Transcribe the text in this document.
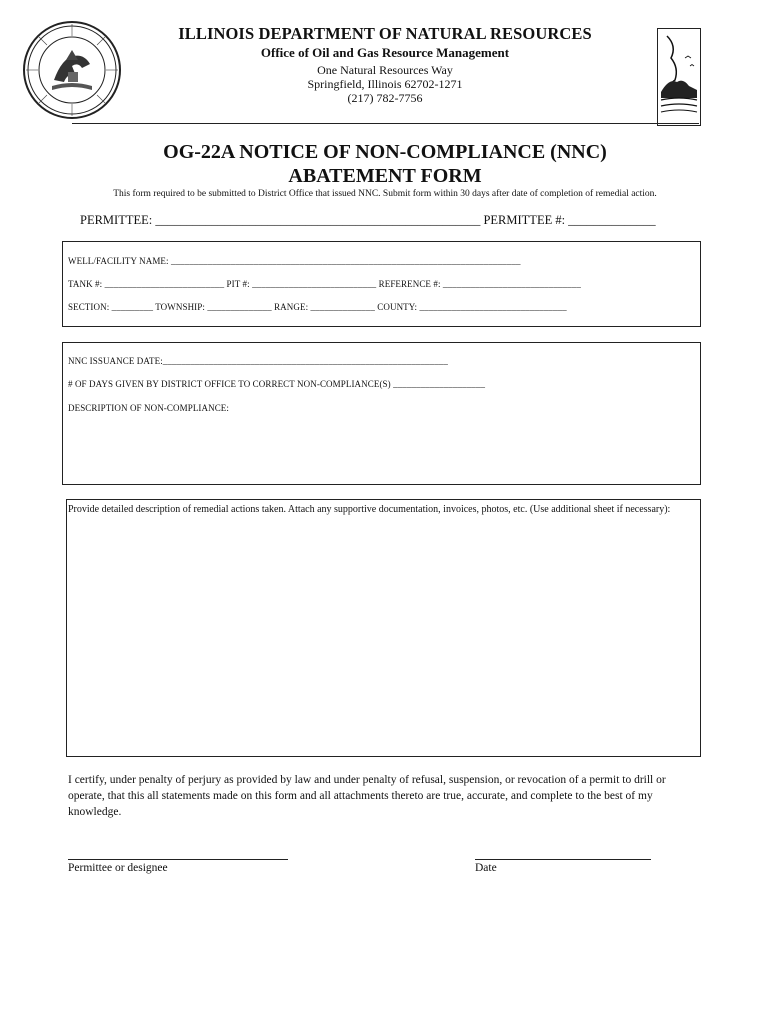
ILLINOIS DEPARTMENT OF NATURAL RESOURCES
Office of Oil and Gas Resource Management
One Natural Resources Way
Springfield, Illinois 62702-1271
(217) 782-7756
OG-22A NOTICE OF NON-COMPLIANCE (NNC)
ABATEMENT FORM
This form required to be submitted to District Office that issued NNC. Submit form within 30 days after date of completion of remedial action.
PERMITTEE: ____________________________________________________ PERMITTEE #: ______________
WELL/FACILITY NAME: ____________________________________________________________________________
TANK #: __________________________ PIT #: ___________________________ REFERENCE #: ______________________________
SECTION: _________ TOWNSHIP: ______________ RANGE: ______________ COUNTY: ________________________________
NNC ISSUANCE DATE:______________________________________________________________
# OF DAYS GIVEN BY DISTRICT OFFICE TO CORRECT NON-COMPLIANCE(S) ____________________
DESCRIPTION OF NON-COMPLIANCE:
Provide detailed description of remedial actions taken. Attach any supportive documentation, invoices, photos, etc. (Use additional sheet if necessary):
I certify, under penalty of perjury as provided by law and under penalty of refusal, suspension, or revocation of a permit to drill or operate, that this all statements made on this form and all attachments thereto are true, accurate, and complete to the best of my knowledge.
Permittee or designee	Date
